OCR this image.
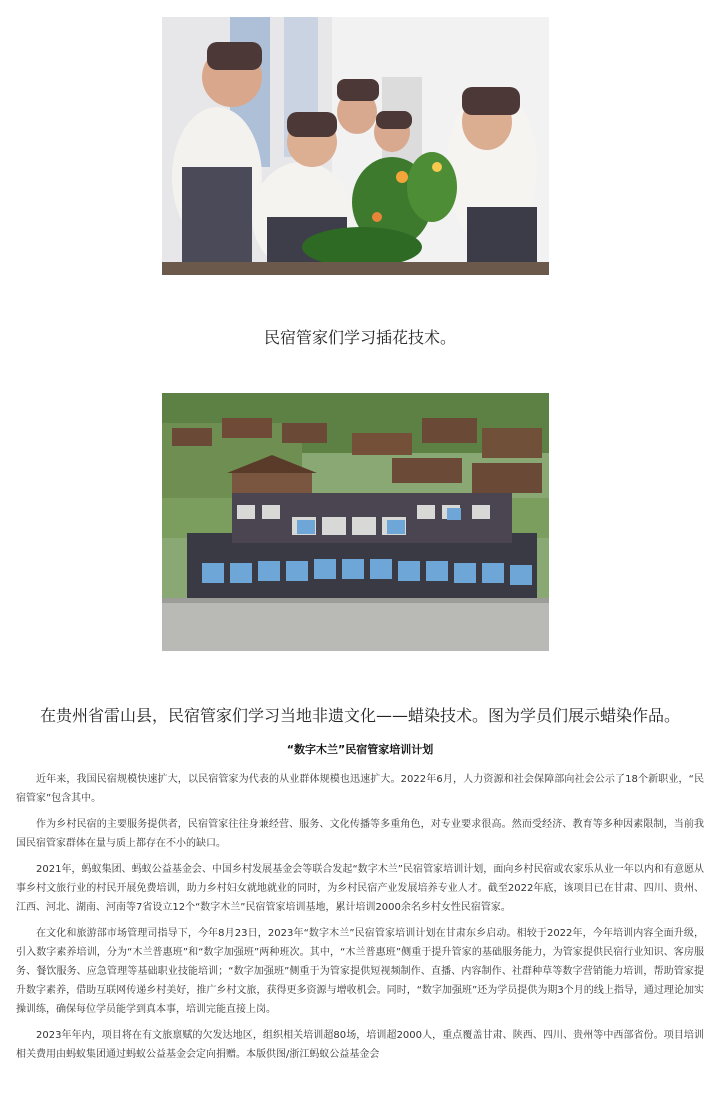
民宿管家们学习插花技术。
在贵州省雷山县，民宿管家们学习当地非遗文化——蜡染技术。图为学员们展示蜡染作品。
“数字木兰”民宿管家培训计划

近年来，我国民宿规模快速扩大，以民宿管家为代表的从业群体规模也迅速扩大。2022年6月，人力资源和社会保障部向社会公示了18个新职业，“民宿管家”包含其中。

作为乡村民宿的主要服务提供者，民宿管家往往身兼经营、服务、文化传播等多重角色，对专业要求很高。然而受经济、教育等多种因素限制，当前我国民宿管家群体在量与质上都存在不小的缺口。

2021年，蚂蚁集团、蚂蚁公益基金会、中国乡村发展基金会等联合发起“数字木兰”民宿管家培训计划，面向乡村民宿或农家乐从业一年以内和有意愿从事乡村文旅行业的村民开展免费培训，助力乡村妇女就地就业的同时，为乡村民宿产业发展培养专业人才。截至2022年底，该项目已在甘肃、四川、贵州、江西、河北、湖南、河南等7省设立12个“数字木兰”民宿管家培训基地，累计培训2000余名乡村女性民宿管家。

在文化和旅游部市场管理司指导下，今年8月23日，2023年“数字木兰”民宿管家培训计划在甘肃东乡启动。相较于2022年，今年培训内容全面升级，引入数字素养培训，分为“木兰普惠班”和“数字加强班”两种班次。其中，“木兰普惠班”侧重于提升管家的基础服务能力，为管家提供民宿行业知识、客房服务、餐饮服务、应急管理等基础职业技能培训；“数字加强班”侧重于为管家提供短视频制作、直播、内容制作、社群种草等数字营销能力培训，帮助管家提升数字素养，借助互联网传递乡村美好，推广乡村文旅，获得更多资源与增收机会。同时，“数字加强班”还为学员提供为期3个月的线上指导，通过理论加实操训练，确保每位学员能学到真本事，培训完能直接上岗。

2023年年内，项目将在有文旅禀赋的欠发达地区，组织相关培训超80场，培训超2000人，重点覆盖甘肃、陕西、四川、贵州等中西部省份。项目培训相关费用由蚂蚁集团通过蚂蚁公益基金会定向捐赠。本版供图/浙江蚂蚁公益基金会
